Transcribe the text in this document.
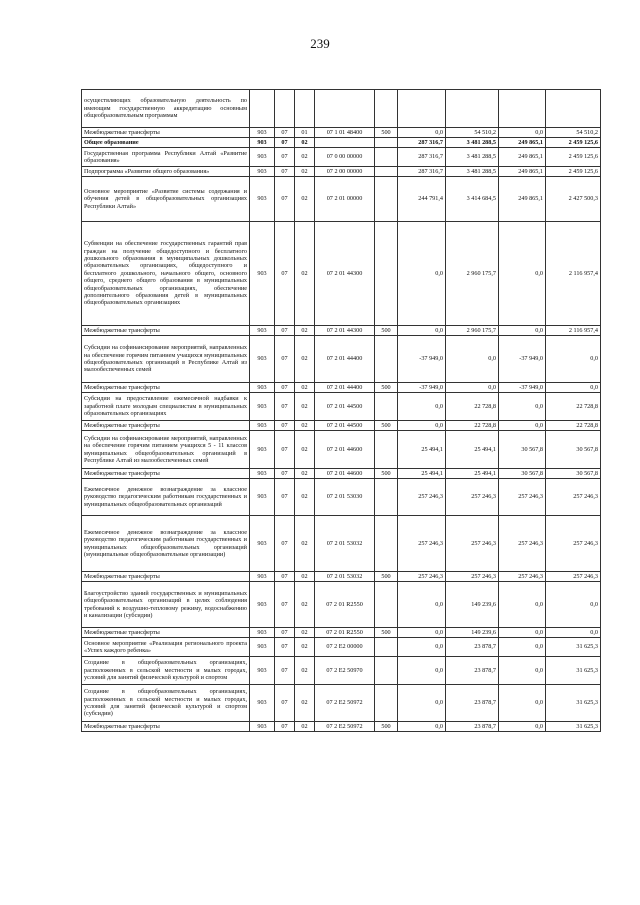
239
осуществляющих образовательную деятельность по имеющим государственную аккредитацию основным общеобразовательным программам									
Межбюджетные трансферты	903	07	01	07 1 01 48400	500	0,0	54 510,2	0,0	54 510,2
Общее образование	903	07	02			287 316,7	3 481 288,5	249 865,1	2 459 125,6
Государственная программа Республики Алтай «Развитие образования»	903	07	02	07 0 00 00000		287 316,7	3 481 288,5	249 865,1	2 459 125,6
Подпрограмма «Развитие общего образования»	903	07	02	07 2 00 00000		287 316,7	3 481 288,5	249 865,1	2 459 125,6
Основное мероприятие «Развитие системы содержания и обучения детей в общеобразовательных организациях Республики Алтай»	903	07	02	07 2 01 00000		244 791,4	3 414 684,5	249 865,1	2 427 500,3
Субвенции на обеспечение государственных гарантий прав граждан на получение общедоступного и бесплатного дошкольного образования в муниципальных дошкольных образовательных организациях, общедоступного и бесплатного дошкольного, начального общего, основного общего, среднего общего образования в муниципальных общеобразовательных организациях, обеспечение дополнительного образования детей в муниципальных общеобразовательных организациях	903	07	02	07 2 01 44300		0,0	2 960 175,7	0,0	2 116 957,4
Межбюджетные трансферты	903	07	02	07 2 01 44300	500	0,0	2 960 175,7	0,0	2 116 957,4
Субсидии на софинансирование мероприятий, направленных на обеспечение горячим питанием учащихся муниципальных общеобразовательных организаций в Республике Алтай из малообеспеченных семей	903	07	02	07 2 01 44400		-37 949,0	0,0	-37 949,0	0,0
Межбюджетные трансферты	903	07	02	07 2 01 44400	500	-37 949,0	0,0	-37 949,0	0,0
Субсидии на предоставление ежемесячной надбавки к заработной плате молодым специалистам в муниципальных образовательных организациях	903	07	02	07 2 01 44500		0,0	22 728,8	0,0	22 728,8
Межбюджетные трансферты	903	07	02	07 2 01 44500	500	0,0	22 728,8	0,0	22 728,8
Субсидии на софинансирование мероприятий, направленных на обеспечение горячим питанием учащихся 5 - 11 классов муниципальных общеобразовательных организаций в Республике Алтай из малообеспеченных семей	903	07	02	07 2 01 44600		25 494,1	25 494,1	30 567,8	30 567,8
Межбюджетные трансферты	903	07	02	07 2 01 44600	500	25 494,1	25 494,1	30 567,8	30 567,8
Ежемесячное денежное вознаграждение за классное руководство педагогическим работникам государственных и муниципальных общеобразовательных организаций	903	07	02	07 2 01 53030		257 246,3	257 246,3	257 246,3	257 246,3
Ежемесячное денежное вознаграждение за классное руководство педагогическим работникам государственных и муниципальных общеобразовательных организаций (муниципальные общеобразовательные организации)	903	07	02	07 2 01 53032		257 246,3	257 246,3	257 246,3	257 246,3
Межбюджетные трансферты	903	07	02	07 2 01 53032	500	257 246,3	257 246,3	257 246,3	257 246,3
Благоустройство зданий государственных и муниципальных общеобразовательных организаций в целях соблюдения требований к воздушно-тепловому режиму, водоснабжению и канализации (субсидии)	903	07	02	07 2 01 R2550		0,0	149 239,6	0,0	0,0
Межбюджетные трансферты	903	07	02	07 2 01 R2550	500	0,0	149 239,6	0,0	0,0
Основное мероприятие «Реализация регионального проекта «Успех каждого ребенка»	903	07	02	07 2 E2 00000		0,0	23 878,7	0,0	31 625,3
Создание в общеобразовательных организациях, расположенных в сельской местности и малых городах, условий для занятий физической культурой и спортом	903	07	02	07 2 E2 50970		0,0	23 878,7	0,0	31 625,3
Создание в общеобразовательных организациях, расположенных в сельской местности и малых городах, условий для занятий физической культурой и спортом (субсидии)	903	07	02	07 2 E2 50972		0,0	23 878,7	0,0	31 625,3
Межбюджетные трансферты	903	07	02	07 2 E2 50972	500	0,0	23 878,7	0,0	31 625,3
